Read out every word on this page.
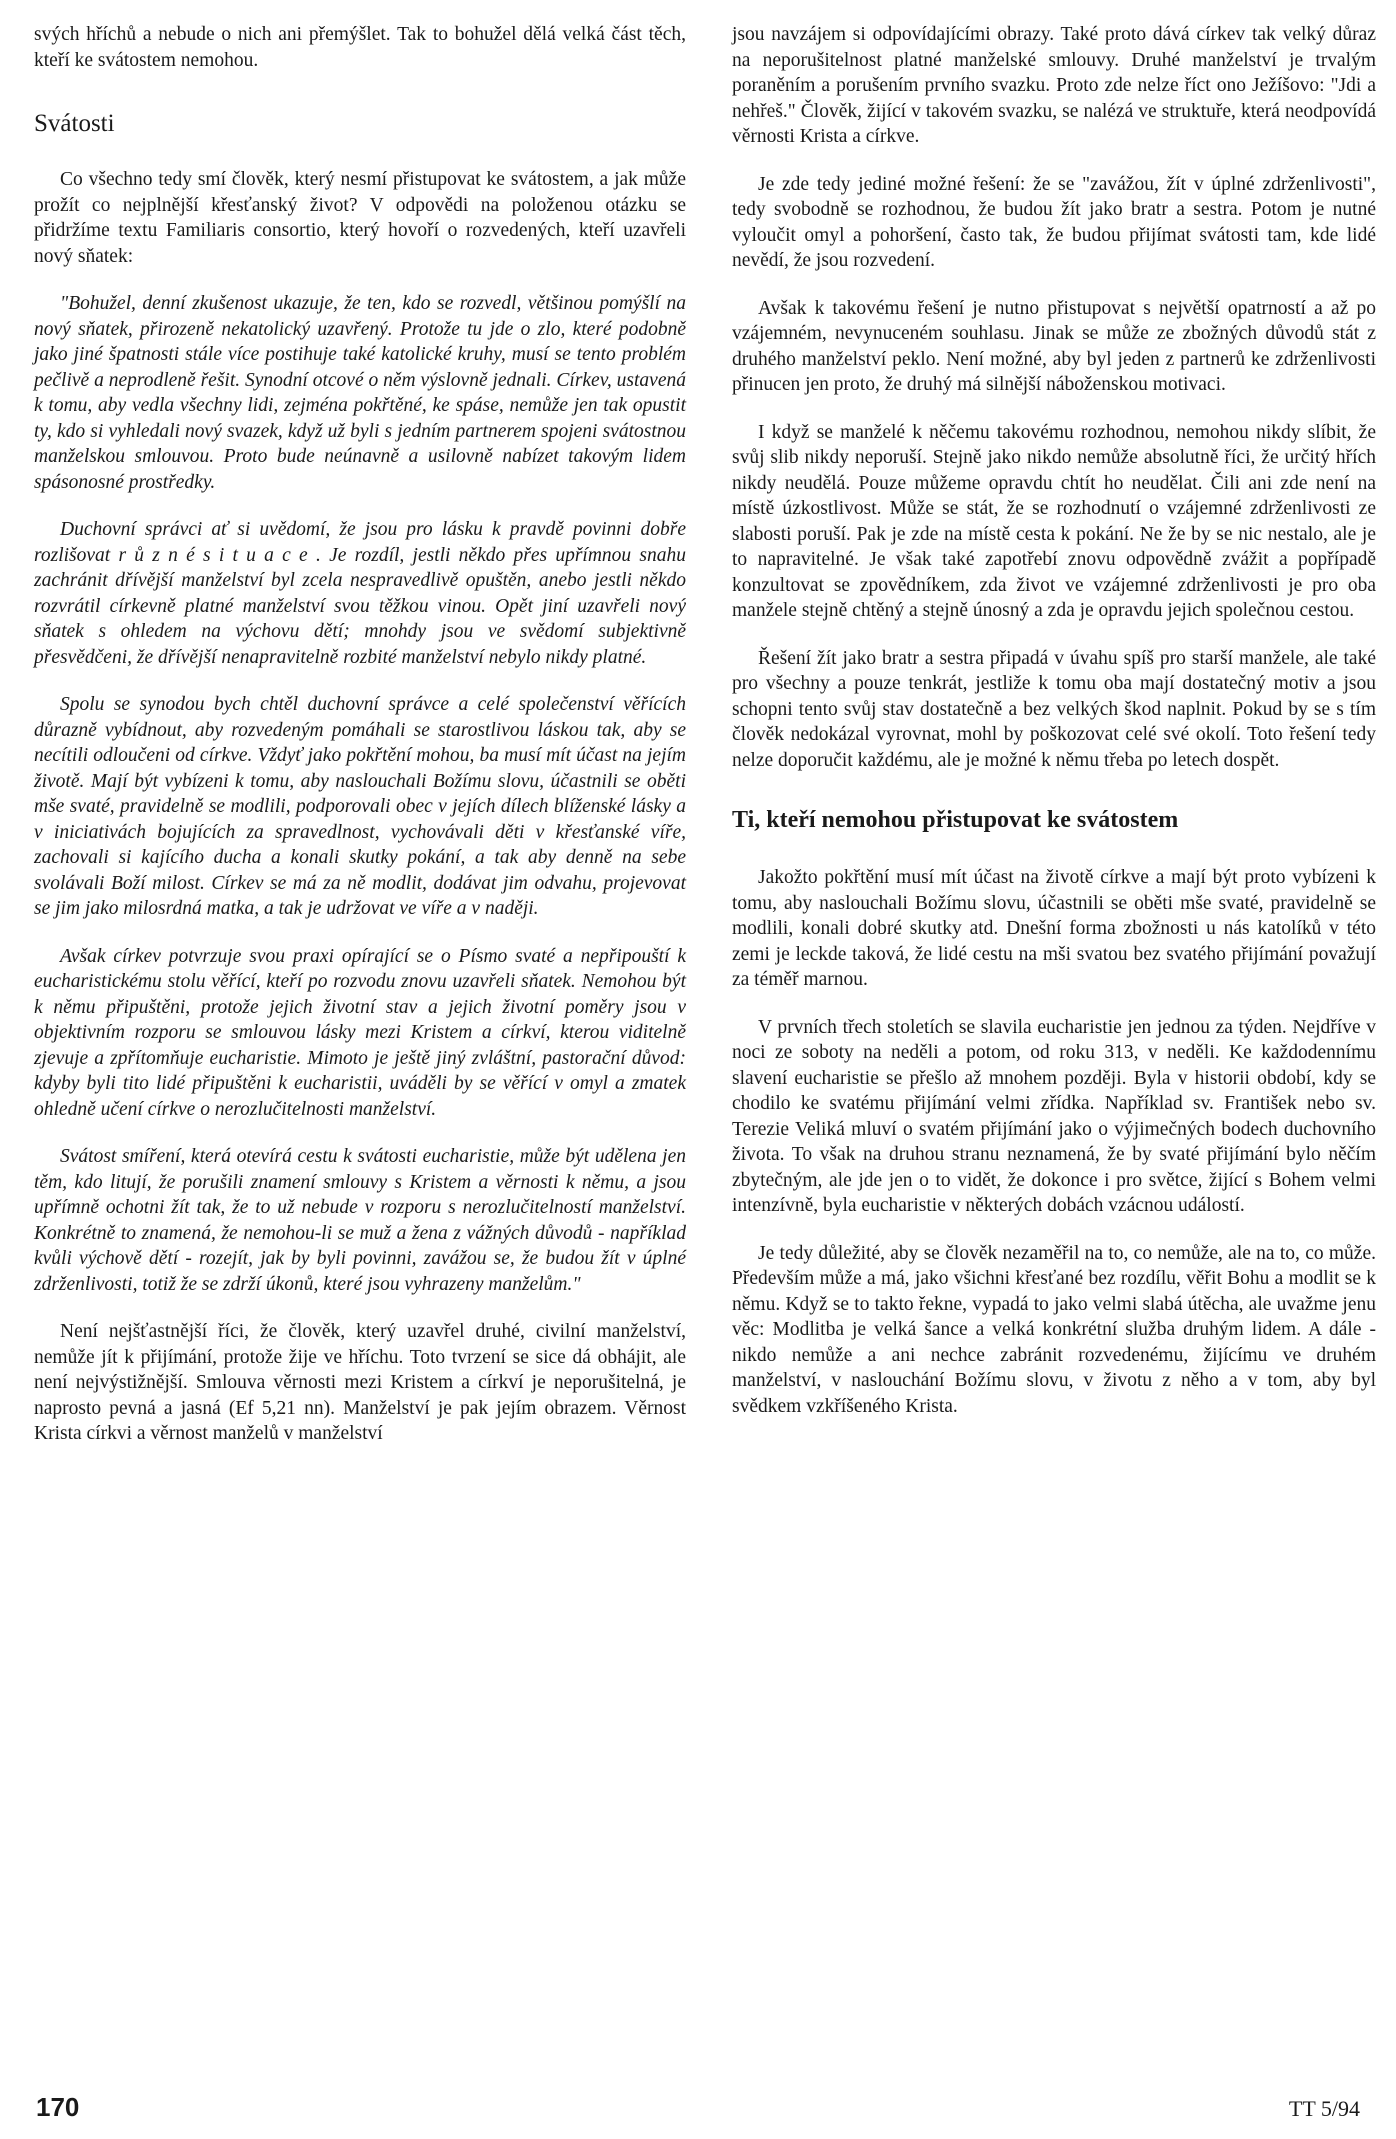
svých hříchů a nebude o nich ani přemýšlet. Tak to bohužel dělá velká část těch, kteří ke svátostem nemohou.

Svátosti

Co všechno tedy smí člověk, který nesmí přistupovat ke svátostem, a jak může prožít co nejplnější křesťanský život? V odpovědi na položenou otázku se přidržíme textu Familiaris consortio, který hovoří o rozvedených, kteří uzavřeli nový sňatek:

"Bohužel, denní zkušenost ukazuje, že ten, kdo se rozvedl, většinou pomýšlí na nový sňatek, přirozeně nekatolický uzavřený. Protože tu jde o zlo, které podobně jako jiné špatnosti stále více postihuje také katolické kruhy, musí se tento problém pečlivě a neprodleně řešit. Synodní otcové o něm výslovně jednali. Církev, ustavená k tomu, aby vedla všechny lidi, zejména pokřtěné, ke spáse, nemůže jen tak opustit ty, kdo si vyhledali nový svazek, když už byli s jedním partnerem spojeni svátostnou manželskou smlouvou. Proto bude neúnavně a usilovně nabízet takovým lidem spásonosné prostředky.

Duchovní správci ať si uvědomí, že jsou pro lásku k pravdě povinni dobře rozlišovat r ů z n é s i t u a c e . Je rozdíl, jestli někdo přes upřímnou snahu zachránit dřívější manželství byl zcela nespravedlivě opuštěn, anebo jestli někdo rozvrátil církevně platné manželství svou těžkou vinou. Opět jiní uzavřeli nový sňatek s ohledem na výchovu dětí; mnohdy jsou ve svědomí subjektivně přesvědčeni, že dřívější nenapravitelně rozbité manželství nebylo nikdy platné.

Spolu se synodou bych chtěl duchovní správce a celé společenství věřících důrazně vybídnout, aby rozvedeným pomáhali se starostlivou láskou tak, aby se necítili odloučeni od církve. Vždyť jako pokřtění mohou, ba musí mít účast na jejím životě. Mají být vybízeni k tomu, aby naslouchali Božímu slovu, účastnili se oběti mše svaté, pravidelně se modlili, podporovali obec v jejích dílech blíženské lásky a v iniciativách bojujících za spravedlnost, vychovávali děti v křesťanské víře, zachovali si kajícího ducha a konali skutky pokání, a tak aby denně na sebe svolávali Boží milost. Církev se má za ně modlit, dodávat jim odvahu, projevovat se jim jako milosrdná matka, a tak je udržovat ve víře a v naději.

Avšak církev potvrzuje svou praxi opírající se o Písmo svaté a nepřipouští k eucharistickému stolu věřící, kteří po rozvodu znovu uzavřeli sňatek. Nemohou být k němu připuštěni, protože jejich životní stav a jejich životní poměry jsou v objektivním rozporu se smlouvou lásky mezi Kristem a církví, kterou viditelně zjevuje a zpřítomňuje eucharistie. Mimoto je ještě jiný zvláštní, pastorační důvod: kdyby byli tito lidé připuštěni k eucharistii, uváděli by se věřící v omyl a zmatek ohledně učení církve o nerozlučitelnosti manželství.

Svátost smíření, která otevírá cestu k svátosti eucharistie, může být udělena jen těm, kdo litují, že porušili znamení smlouvy s Kristem a věrnosti k němu, a jsou upřímně ochotni žít tak, že to už nebude v rozporu s nerozlučitelností manželství. Konkrétně to znamená, že nemohou-li se muž a žena z vážných důvodů - například kvůli výchově dětí - rozejít, jak by byli povinni, zavážou se, že budou žít v úplné zdrženlivosti, totiž že se zdrží úkonů, které jsou vyhrazeny manželům."

Není nejšťastnější říci, že člověk, který uzavřel druhé, civilní manželství, nemůže jít k přijímání, protože žije ve hříchu. Toto tvrzení se sice dá obhájit, ale není nejvýstižnější. Smlouva věrnosti mezi Kristem a církví je neporušitelná, je naprosto pevná a jasná (Ef 5,21 nn). Manželství je pak jejím obrazem. Věrnost Krista církvi a věrnost manželů v manželství

jsou navzájem si odpovídajícími obrazy. Také proto dává církev tak velký důraz na neporušitelnost platné manželské smlouvy. Druhé manželství je trvalým poraněním a porušením prvního svazku. Proto zde nelze říct ono Ježíšovo: "Jdi a nehřeš." Člověk, žijící v takovém svazku, se nalézá ve struktuře, která neodpovídá věrnosti Krista a církve.

Je zde tedy jediné možné řešení: že se "zavážou, žít v úplné zdrženlivosti", tedy svobodně se rozhodnou, že budou žít jako bratr a sestra. Potom je nutné vyloučit omyl a pohoršení, často tak, že budou přijímat svátosti tam, kde lidé nevědí, že jsou rozvedení.

Avšak k takovému řešení je nutno přistupovat s největší opatrností a až po vzájemném, nevynuceném souhlasu. Jinak se může ze zbožných důvodů stát z druhého manželství peklo. Není možné, aby byl jeden z partnerů ke zdrženlivosti přinucen jen proto, že druhý má silnější náboženskou motivaci.

I když se manželé k něčemu takovému rozhodnou, nemohou nikdy slíbit, že svůj slib nikdy neporuší. Stejně jako nikdo nemůže absolutně říci, že určitý hřích nikdy neudělá. Pouze můžeme opravdu chtít ho neudělat. Čili ani zde není na místě úzkostlivost. Může se stát, že se rozhodnutí o vzájemné zdrženlivosti ze slabosti poruší. Pak je zde na místě cesta k pokání. Ne že by se nic nestalo, ale je to napravitelné. Je však také zapotřebí znovu odpovědně zvážit a popřípadě konzultovat se zpovědníkem, zda život ve vzájemné zdrženlivosti je pro oba manžele stejně chtěný a stejně únosný a zda je opravdu jejich společnou cestou.

Řešení žít jako bratr a sestra připadá v úvahu spíš pro starší manžele, ale také pro všechny a pouze tenkrát, jestliže k tomu oba mají dostatečný motiv a jsou schopni tento svůj stav dostatečně a bez velkých škod naplnit. Pokud by se s tím člověk nedokázal vyrovnat, mohl by poškozovat celé své okolí. Toto řešení tedy nelze doporučit každému, ale je možné k němu třeba po letech dospět.

Ti, kteří nemohou přistupovat ke svátostem

Jakožto pokřtění musí mít účast na životě církve a mají být proto vybízeni k tomu, aby naslouchali Božímu slovu, účastnili se oběti mše svaté, pravidelně se modlili, konali dobré skutky atd. Dnešní forma zbožnosti u nás katolíků v této zemi je leckde taková, že lidé cestu na mši svatou bez svatého přijímání považují za téměř marnou.

V prvních třech stoletích se slavila eucharistie jen jednou za týden. Nejdříve v noci ze soboty na neděli a potom, od roku 313, v neděli. Ke každodennímu slavení eucharistie se přešlo až mnohem později. Byla v historii období, kdy se chodilo ke svatému přijímání velmi zřídka. Například sv. František nebo sv. Terezie Veliká mluví o svatém přijímání jako o výjimečných bodech duchovního života. To však na druhou stranu neznamená, že by svaté přijímání bylo něčím zbytečným, ale jde jen o to vidět, že dokonce i pro světce, žijící s Bohem velmi intenzívně, byla eucharistie v některých dobách vzácnou událostí.

Je tedy důležité, aby se člověk nezaměřil na to, co nemůže, ale na to, co může. Především může a má, jako všichni křesťané bez rozdílu, věřit Bohu a modlit se k němu. Když se to takto řekne, vypadá to jako velmi slabá útěcha, ale uvažme jenu věc: Modlitba je velká šance a velká konkrétní služba druhým lidem. A dále - nikdo nemůže a ani nechce zabránit rozvedenému, žijícímu ve druhém manželství, v naslouchání Božímu slovu, v životu z něho a v tom, aby byl svědkem vzkříšeného Krista.

170	TT 5/94
